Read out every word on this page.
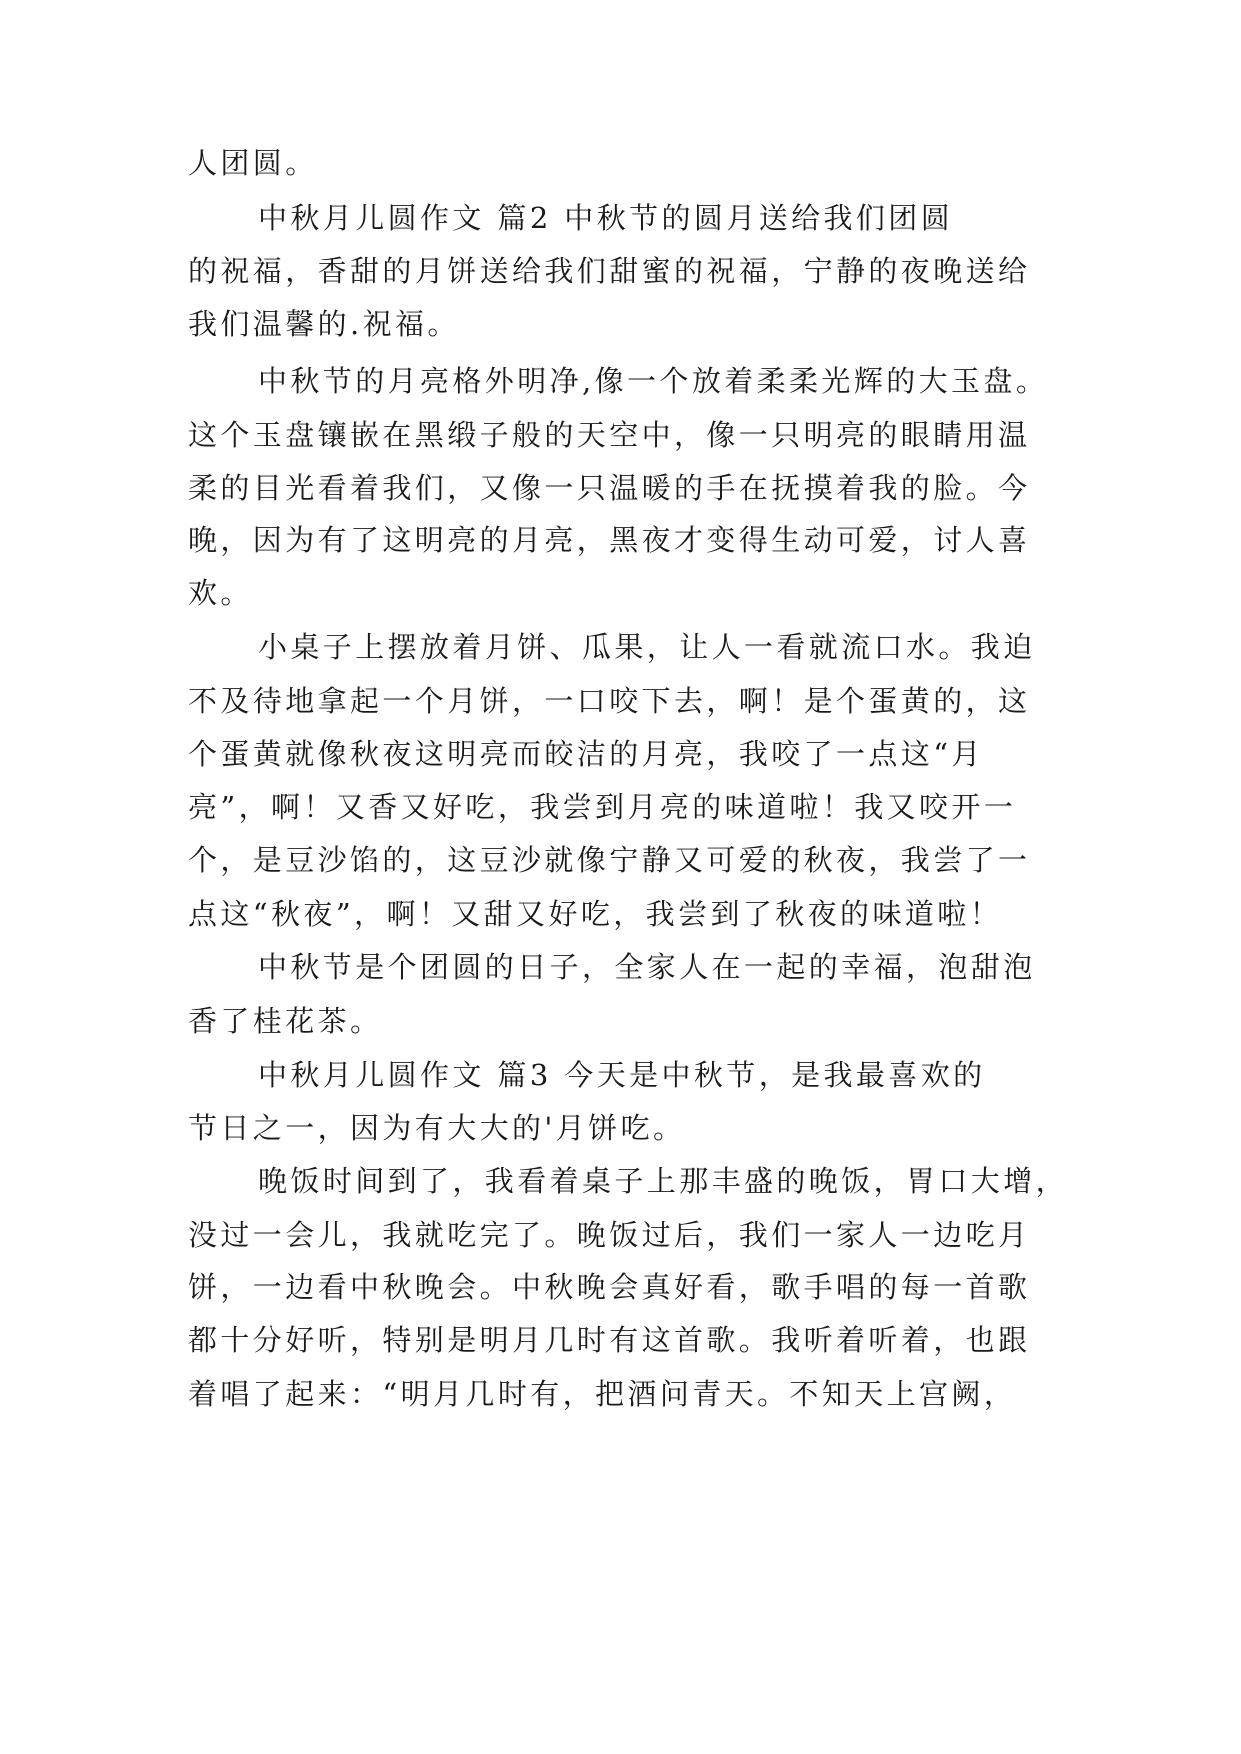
人团圆。
中秋月儿圆作文 篇2 中秋节的圆月送给我们团圆
的祝福，香甜的月饼送给我们甜蜜的祝福，宁静的夜晚送给
我们温馨的.祝福。
中秋节的月亮格外明净,像一个放着柔柔光辉的大玉盘。
这个玉盘镶嵌在黑缎子般的天空中，像一只明亮的眼睛用温
柔的目光看着我们，又像一只温暖的手在抚摸着我的脸。今
晚，因为有了这明亮的月亮，黑夜才变得生动可爱，讨人喜
欢。
小桌子上摆放着月饼、瓜果，让人一看就流口水。我迫
不及待地拿起一个月饼，一口咬下去，啊！是个蛋黄的，这
个蛋黄就像秋夜这明亮而皎洁的月亮，我咬了一点这“月
亮”，啊！又香又好吃，我尝到月亮的味道啦！我又咬开一
个，是豆沙馅的，这豆沙就像宁静又可爱的秋夜，我尝了一
点这“秋夜”，啊！又甜又好吃，我尝到了秋夜的味道啦！
中秋节是个团圆的日子，全家人在一起的幸福，泡甜泡
香了桂花茶。
中秋月儿圆作文 篇3 今天是中秋节，是我最喜欢的
节日之一，因为有大大的'月饼吃。
晚饭时间到了，我看着桌子上那丰盛的晚饭，胃口大增，
没过一会儿，我就吃完了。晚饭过后，我们一家人一边吃月
饼，一边看中秋晚会。中秋晚会真好看，歌手唱的每一首歌
都十分好听，特别是明月几时有这首歌。我听着听着，也跟
着唱了起来：“明月几时有，把酒问青天。不知天上宫阙，
